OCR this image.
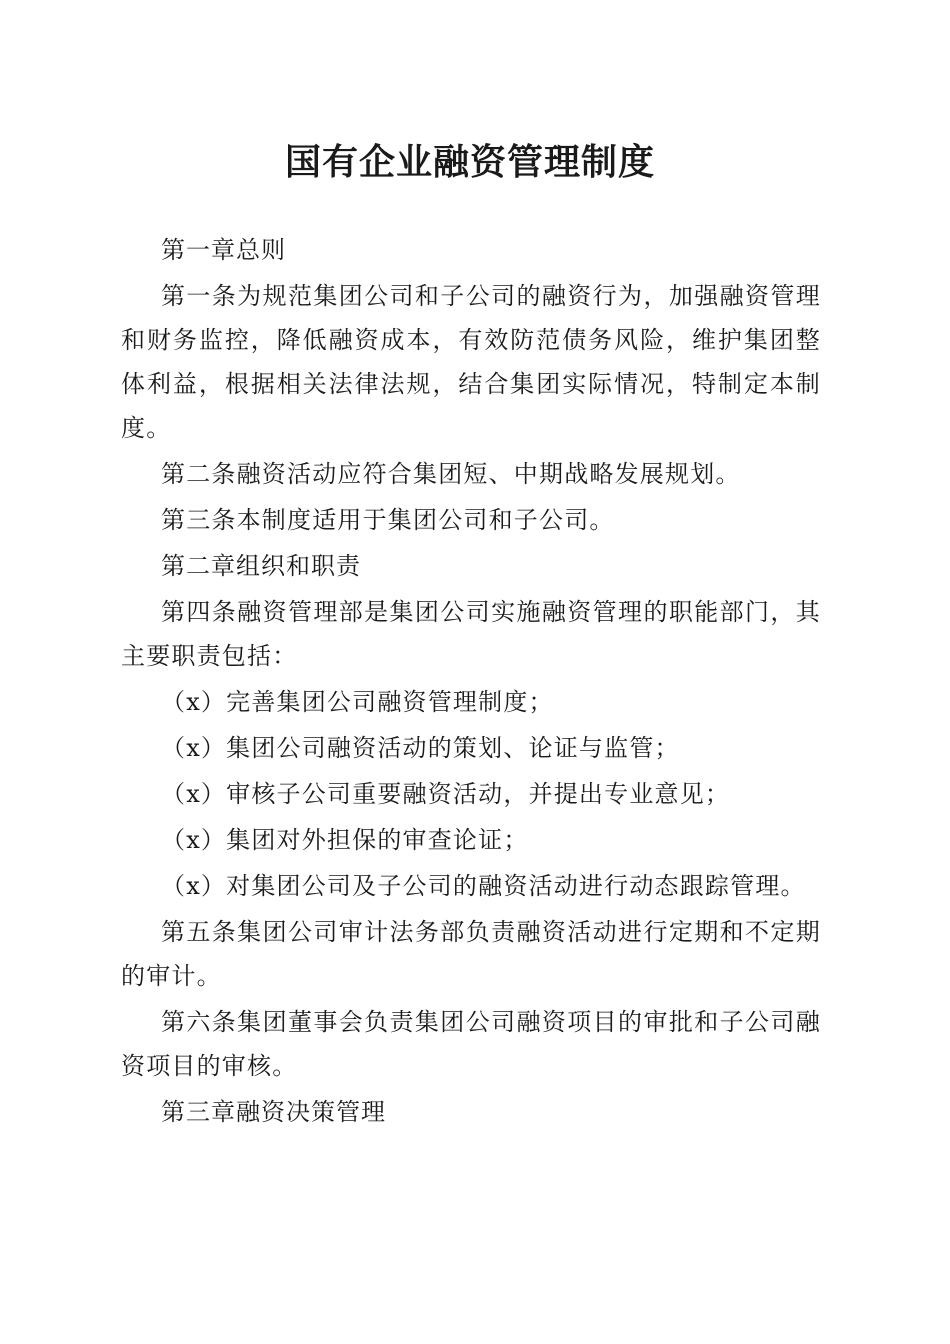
国有企业融资管理制度

第一章总则

第一条为规范集团公司和子公司的融资行为，加强融资管理和财务监控，降低融资成本，有效防范债务风险，维护集团整体利益，根据相关法律法规，结合集团实际情况，特制定本制度。

第二条融资活动应符合集团短、中期战略发展规划。

第三条本制度适用于集团公司和子公司。

第二章组织和职责

第四条融资管理部是集团公司实施融资管理的职能部门，其主要职责包括：

（x）完善集团公司融资管理制度；

（x）集团公司融资活动的策划、论证与监管；

（x）审核子公司重要融资活动，并提出专业意见；

（x）集团对外担保的审查论证；

（x）对集团公司及子公司的融资活动进行动态跟踪管理。

第五条集团公司审计法务部负责融资活动进行定期和不定期的审计。

第六条集团董事会负责集团公司融资项目的审批和子公司融资项目的审核。

第三章融资决策管理
